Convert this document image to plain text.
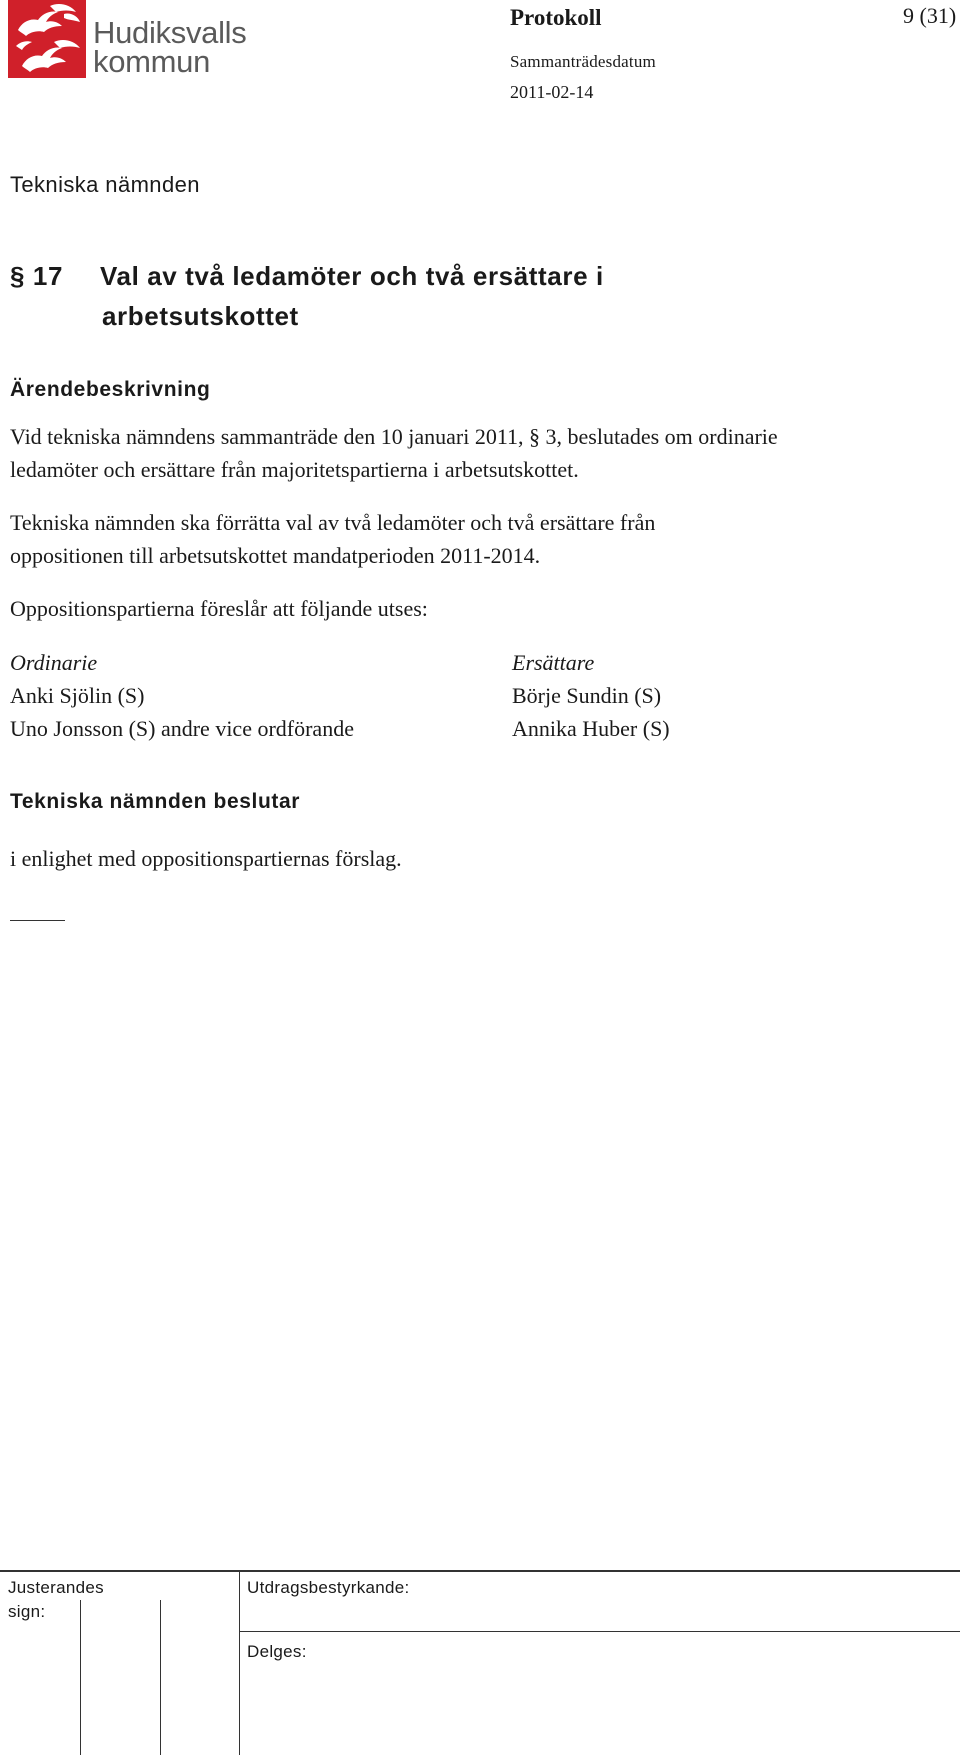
Hudiksvalls
kommun
Protokoll	9 (31)
Sammanträdesdatum
2011-02-14
Tekniska nämnden
§ 17 Val av två ledamöter och två ersättare i
arbetsutskottet
Ärendebeskrivning
Vid tekniska nämndens sammanträde den 10 januari 2011, § 3, beslutades om ordinarie
ledamöter och ersättare från majoritetspartierna i arbetsutskottet.
Tekniska nämnden ska förrätta val av två ledamöter och två ersättare från
oppositionen till arbetsutskottet mandatperioden 2011-2014.
Oppositionspartierna föreslår att följande utses:
Ordinarie	Ersättare
Anki Sjölin (S)	Börje Sundin (S)
Uno Jonsson (S) andre vice ordförande	Annika Huber (S)
Tekniska nämnden beslutar
i enlighet med oppositionspartiernas förslag.
Justerandes
sign:
Utdragsbestyrkande:
Delges:
